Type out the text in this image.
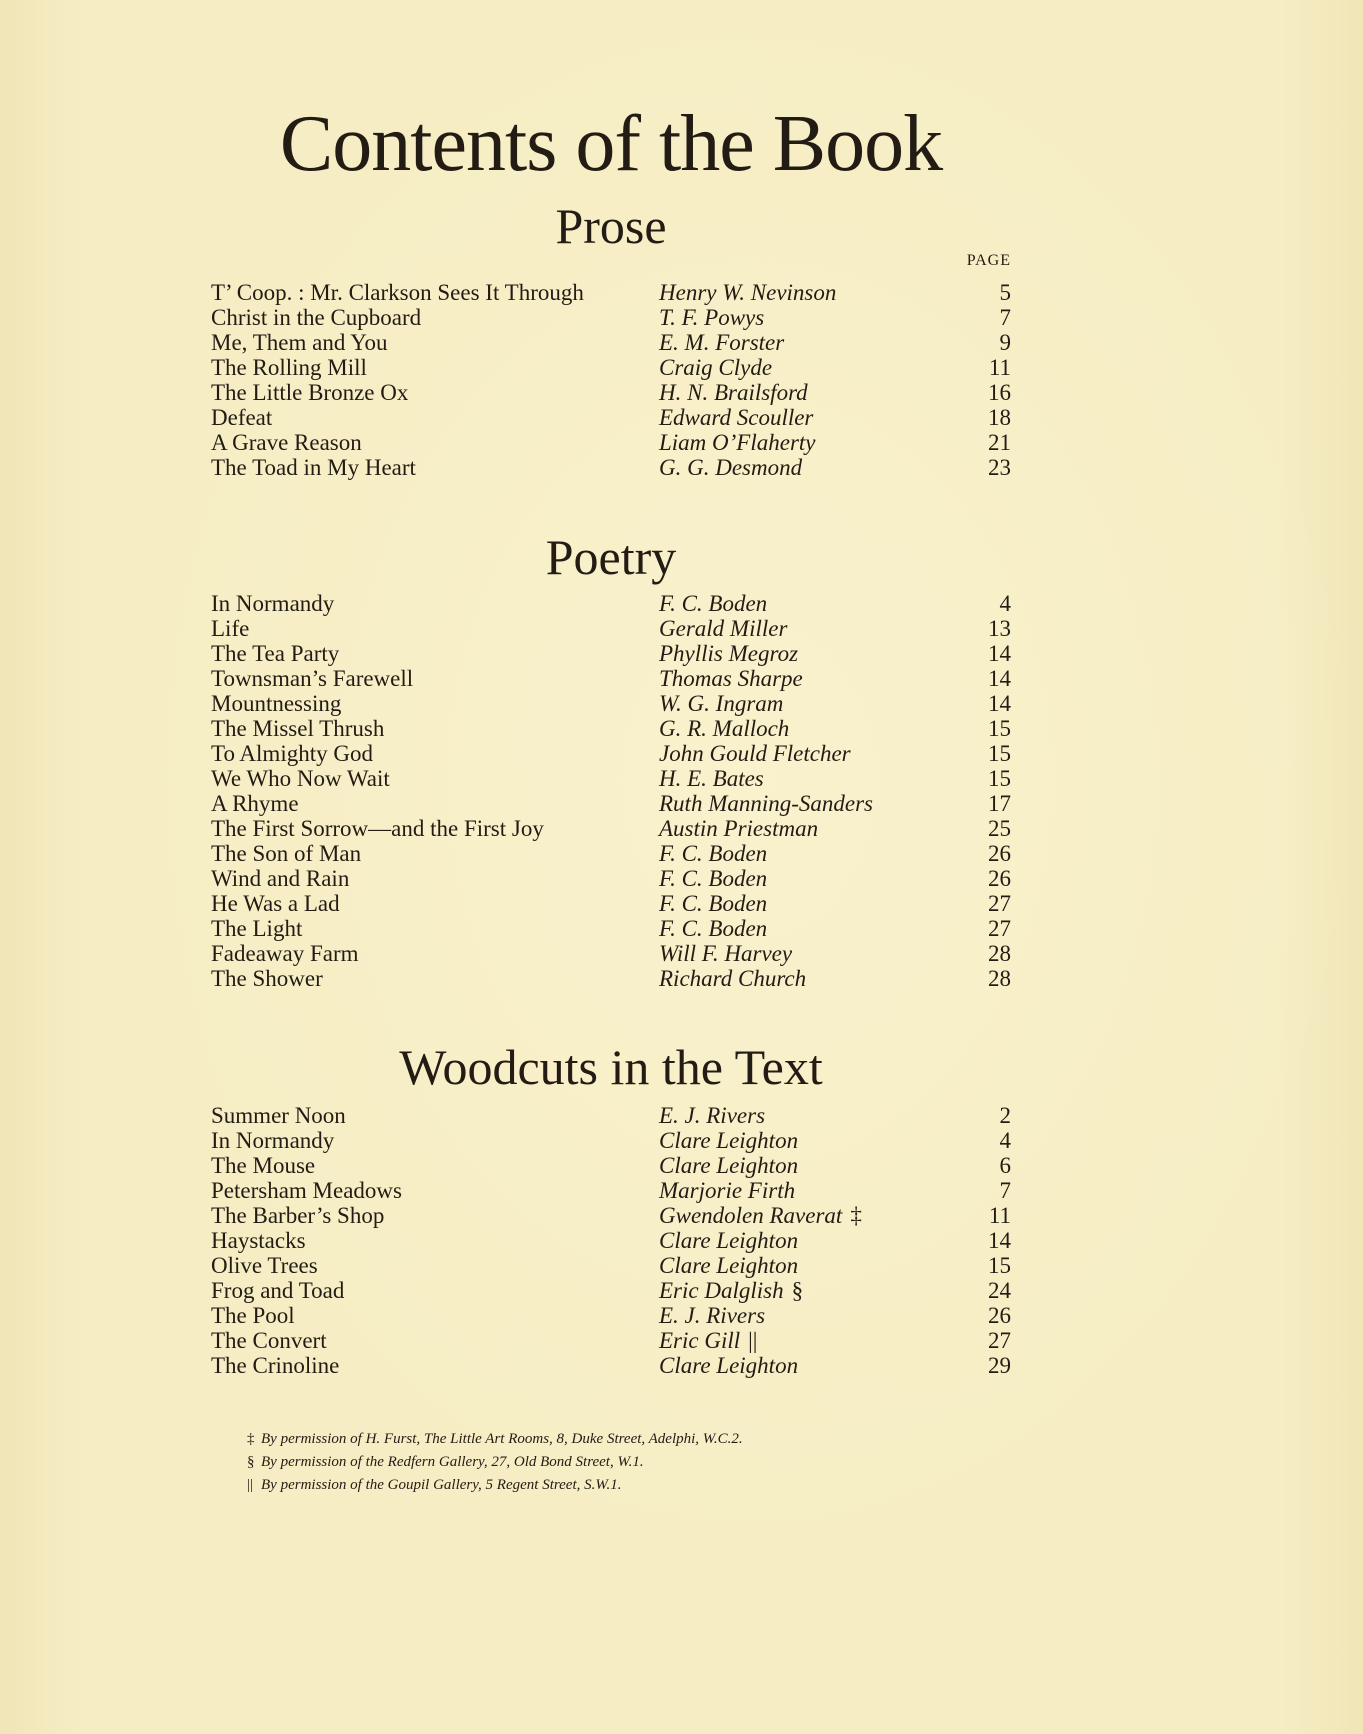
Contents of the Book
Prose
PAGE
T’ Coop. : Mr. Clarkson Sees It Through	Henry W. Nevinson	5
Christ in the Cupboard	T. F. Powys	7
Me, Them and You	E. M. Forster	9
The Rolling Mill	Craig Clyde	11
The Little Bronze Ox	H. N. Brailsford	16
Defeat	Edward Scouller	18
A Grave Reason	Liam O’Flaherty	21
The Toad in My Heart	G. G. Desmond	23
Poetry
In Normandy	F. C. Boden	4
Life	Gerald Miller	13
The Tea Party	Phyllis Megroz	14
Townsman’s Farewell	Thomas Sharpe	14
Mountnessing	W. G. Ingram	14
The Missel Thrush	G. R. Malloch	15
To Almighty God	John Gould Fletcher	15
We Who Now Wait	H. E. Bates	15
A Rhyme	Ruth Manning-Sanders	17
The First Sorrow—and the First Joy	Austin Priestman	25
The Son of Man	F. C. Boden	26
Wind and Rain	F. C. Boden	26
He Was a Lad	F. C. Boden	27
The Light	F. C. Boden	27
Fadeaway Farm	Will F. Harvey	28
The Shower	Richard Church	28
Woodcuts in the Text
Summer Noon	E. J. Rivers	2
In Normandy	Clare Leighton	4
The Mouse	Clare Leighton	6
Petersham Meadows	Marjorie Firth	7
The Barber’s Shop	Gwendolen Raverat ‡	11
Haystacks	Clare Leighton	14
Olive Trees	Clare Leighton	15
Frog and Toad	Eric Dalglish §	24
The Pool	E. J. Rivers	26
The Convert	Eric Gill ||	27
The Crinoline	Clare Leighton	29
‡ By permission of H. Furst, The Little Art Rooms, 8, Duke Street, Adelphi, W.C.2.
§ By permission of the Redfern Gallery, 27, Old Bond Street, W.1.
|| By permission of the Goupil Gallery, 5 Regent Street, S.W.1.
